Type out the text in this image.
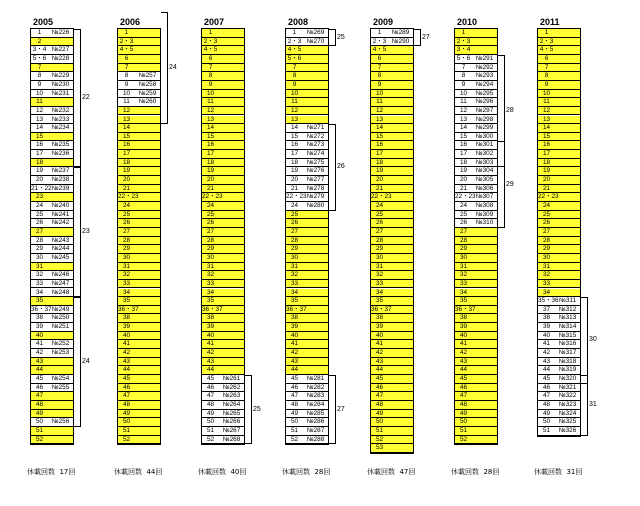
2005
1	№226
2
3・4 №227
5・6 №228
7
8	№229
9	№230
10	№231
11
12	№232
13	№233
14	№234
15
16	№235
17	№236
18
19	№237
20	№238
21・22 №239
23
24	№240
25	№241
26	№242
27
28	№243
29	№244
30	№245
31
32	№246
33	№247
34	№248
35
36・37 №249
38	№250
39	№251
40
41	№252
42	№253
43
44
45	№254
46	№255
47
48
49
50	№256
51
52
22
23
24
休載回数 17回
2006
1
2・3
4・5
6
7
8	№257
9	№258
10	№259
11	№260
12
13
14
15
16
17
18
19
20
21
22・23
24
25
26
27
28
29
30
31
32
33
34
35
36・37
38
39
40
41
42
43
44
45
46
47
48
49
50
51
52
24
休載回数 44回
2007
1
2・3
4・5
6
7
8
9
10
11
12
13
14
15
16
17
18
19
20
21
22・23
24
25
26
27
28
29
30
31
32
33
34
35
36・37
38
39
40
41
42
43
44
45	№261
46	№262
47	№263
48	№264
49	№265
50	№266
51	№267
52	№268
25
休載回数 40回
2008
1	№269
2・3 №270
4・5
5・6
7
8
9
10
11
12
13
14	№271
15	№272
16	№273
17	№274
18	№275
19	№276
20	№277
21	№278
22・23 №279
24	№280
25
26
27
28
29
30
31
32
33
34
35
36・37
38
39
40
41
42
43
44
45	№281
46	№282
47	№283
48	№284
49	№285
50	№286
51	№287
52	№288
25
26
27
休載回数 28回
2009
1	№289
2・3 №290
4・5
6
7
8
9
10
11
12
13
14
15
16
17
18
19
20
21
22・23
24
25
26
27
28
29
30
31
32
33
34
35
36・37
38
39
40
41
42
43
44
45
46
47
48
49
50
51
52
53
27
休載回数 47回
2010
1
2・3
3・4
5・6 №291
7	№292
8	№293
9	№294
10	№295
11	№296
12	№297
13	№298
14	№299
15	№300
16	№301
17	№302
18	№303
19	№304
20	№305
21	№306
22・23 №307
24	№308
25	№309
26	№310
27
28
29
30
31
32
33
34
35
36・37
38
39
40
41
42
43
44
45
46
47
48
49
50
51
52
28
29
休載回数 28回
2011
1
2・3
4・5
6
7
8
9
10
11
12
13
14
15
16
17
18
19
20
21
22・23
24
25
26
27
28
29
30
31
32
33
34
35・36 №311
37	№312
38	№313
39	№314
40	№315
41	№316
42	№317
43	№318
44	№319
45	№320
46	№321
47	№322
48	№323
49	№324
50	№325
51	№326
30
31
休載回数 31回
